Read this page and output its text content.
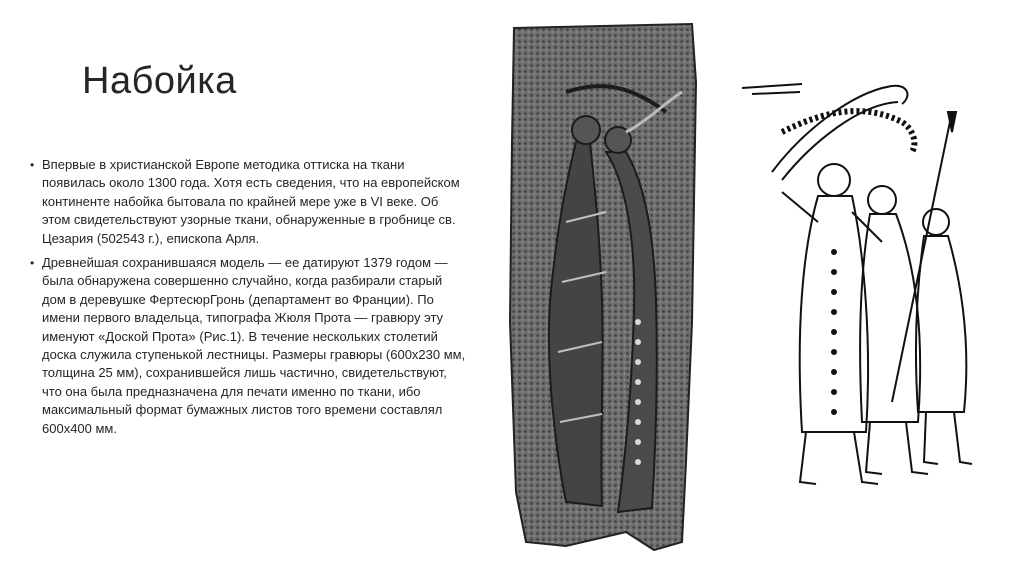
Набойка
• Впервые в христианской Европе методика оттиска на ткани появилась около 1300 года. Хотя есть сведения, что на европейском континенте набойка бытовала по крайней мере уже в VI веке. Об этом свидетельствуют узорные ткани, обнаруженные в гробнице св. Цезария (502543 г.), епископа Арля.
• Древнейшая сохранившаяся модель — ее датируют 1379 годом — была обнаружена совершенно случайно, когда разбирали старый дом в деревушке ФертесюрГронь (департамент во Франции). По имени первого владельца, типографа Жюля Прота — гравюру эту именуют «Доской Прота» (Рис.1). В течение нескольких столетий доска служила ступенькой лестницы. Размеры гравюры (600x230 мм, толщина 25 мм), сохранившейся лишь частично, свидетельствуют, что она была предназначена для печати именно по ткани, ибо максимальный формат бумажных листов того времени составлял 600x400 мм.
